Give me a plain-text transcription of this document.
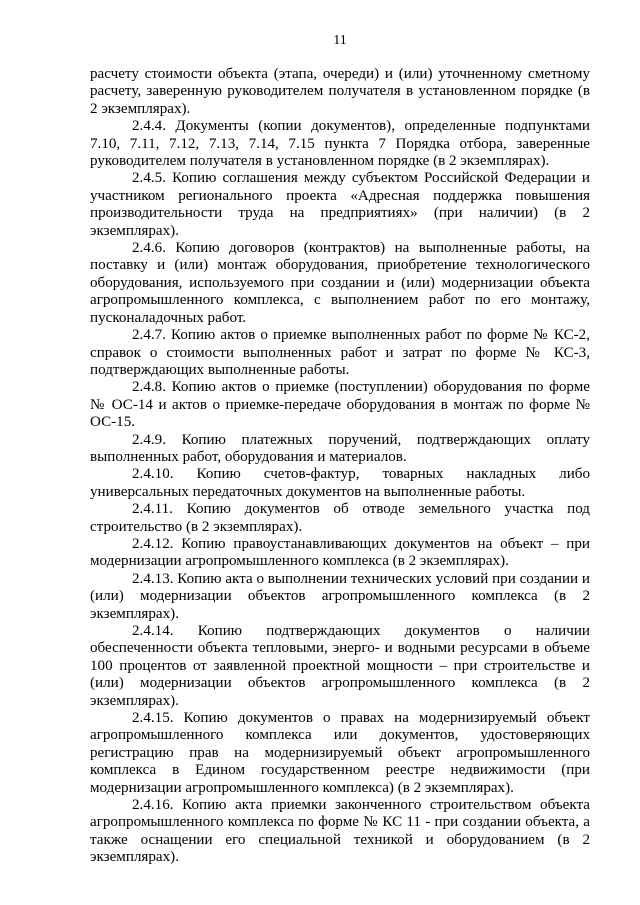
11

расчету стоимости объекта (этапа, очереди) и (или) уточненному сметному расчету, заверенную руководителем получателя в установленном порядке (в 2 экземплярах).

2.4.4. Документы (копии документов), определенные подпунктами 7.10, 7.11, 7.12, 7.13, 7.14, 7.15 пункта 7 Порядка отбора, заверенные руководителем получателя в установленном порядке (в 2 экземплярах).

2.4.5. Копию соглашения между субъектом Российской Федерации и участником регионального проекта «Адресная поддержка повышения производительности труда на предприятиях» (при наличии) (в 2 экземплярах).

2.4.6. Копию договоров (контрактов) на выполненные работы, на поставку и (или) монтаж оборудования, приобретение технологического оборудования, используемого при создании и (или) модернизации объекта агропромышленного комплекса, с выполнением работ по его монтажу, пусконаладочных работ.

2.4.7. Копию актов о приемке выполненных работ по форме № КС-2, справок о стоимости выполненных работ и затрат по форме № КС-3, подтверждающих выполненные работы.

2.4.8. Копию актов о приемке (поступлении) оборудования по форме № ОС-14 и актов о приемке-передаче оборудования в монтаж по форме № ОС-15.

2.4.9. Копию платежных поручений, подтверждающих оплату выполненных работ, оборудования и материалов.

2.4.10. Копию счетов-фактур, товарных накладных либо универсальных передаточных документов на выполненные работы.

2.4.11. Копию документов об отводе земельного участка под строительство (в 2 экземплярах).

2.4.12. Копию правоустанавливающих документов на объект – при модернизации агропромышленного комплекса (в 2 экземплярах).

2.4.13. Копию акта о выполнении технических условий при создании и (или) модернизации объектов агропромышленного комплекса (в 2 экземплярах).

2.4.14. Копию подтверждающих документов о наличии обеспеченности объекта тепловыми, энерго- и водными ресурсами в объеме 100 процентов от заявленной проектной мощности – при строительстве и (или) модернизации объектов агропромышленного комплекса (в 2 экземплярах).

2.4.15. Копию документов о правах на модернизируемый объект агропромышленного комплекса или документов, удостоверяющих регистрацию прав на модернизируемый объект агропромышленного комплекса в Едином государственном реестре недвижимости (при модернизации агропромышленного комплекса) (в 2 экземплярах).

2.4.16. Копию акта приемки законченного строительством объекта агропромышленного комплекса по форме № КС 11 - при создании объекта, а также оснащении его специальной техникой и оборудованием (в 2 экземплярах).
